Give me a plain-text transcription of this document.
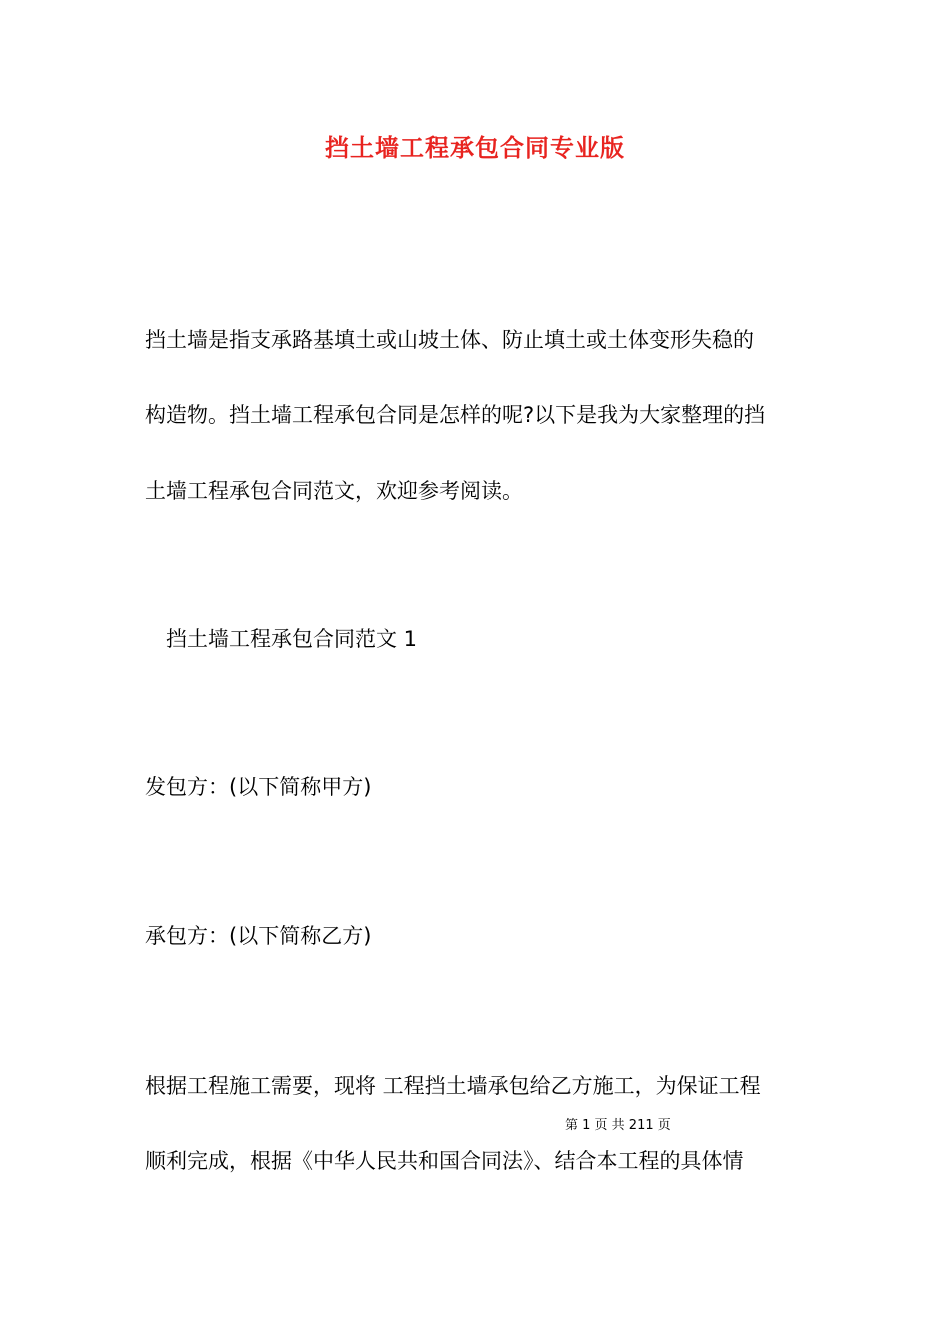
挡土墙工程承包合同专业版
挡土墙是指支承路基填土或山坡土体、防止填土或土体变形失稳的
构造物。挡土墙工程承包合同是怎样的呢?以下是我为大家整理的挡
土墙工程承包合同范文，欢迎参考阅读。
挡土墙工程承包合同范文 1
发包方：(以下简称甲方)
承包方：(以下简称乙方)
根据工程施工需要，现将 工程挡土墙承包给乙方施工，为保证工程
第 1 页 共 211 页
顺利完成，根据《中华人民共和国合同法》、结合本工程的具体情
